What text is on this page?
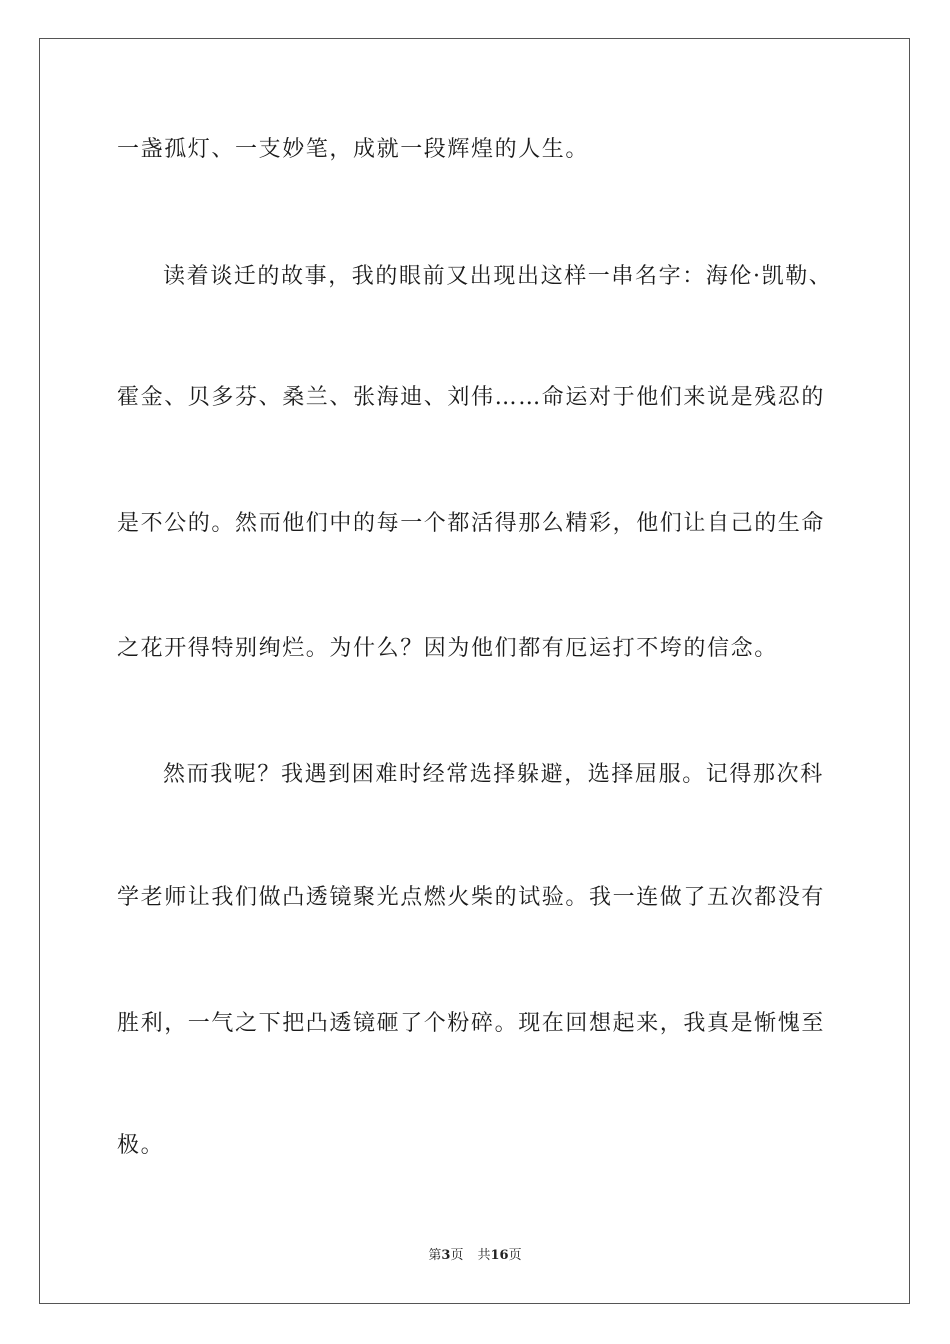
一盏孤灯、一支妙笔，成就一段辉煌的人生。
读着谈迁的故事，我的眼前又出现出这样一串名字：海伦·凯勒、
霍金、贝多芬、桑兰、张海迪、刘伟……命运对于他们来说是残忍的
是不公的。然而他们中的每一个都活得那么精彩，他们让自己的生命
之花开得特别绚烂。为什么？因为他们都有厄运打不垮的信念。
然而我呢？我遇到困难时经常选择躲避，选择屈服。记得那次科
学老师让我们做凸透镜聚光点燃火柴的试验。我一连做了五次都没有
胜利，一气之下把凸透镜砸了个粉碎。现在回想起来，我真是惭愧至
极。
第3页 共16页
